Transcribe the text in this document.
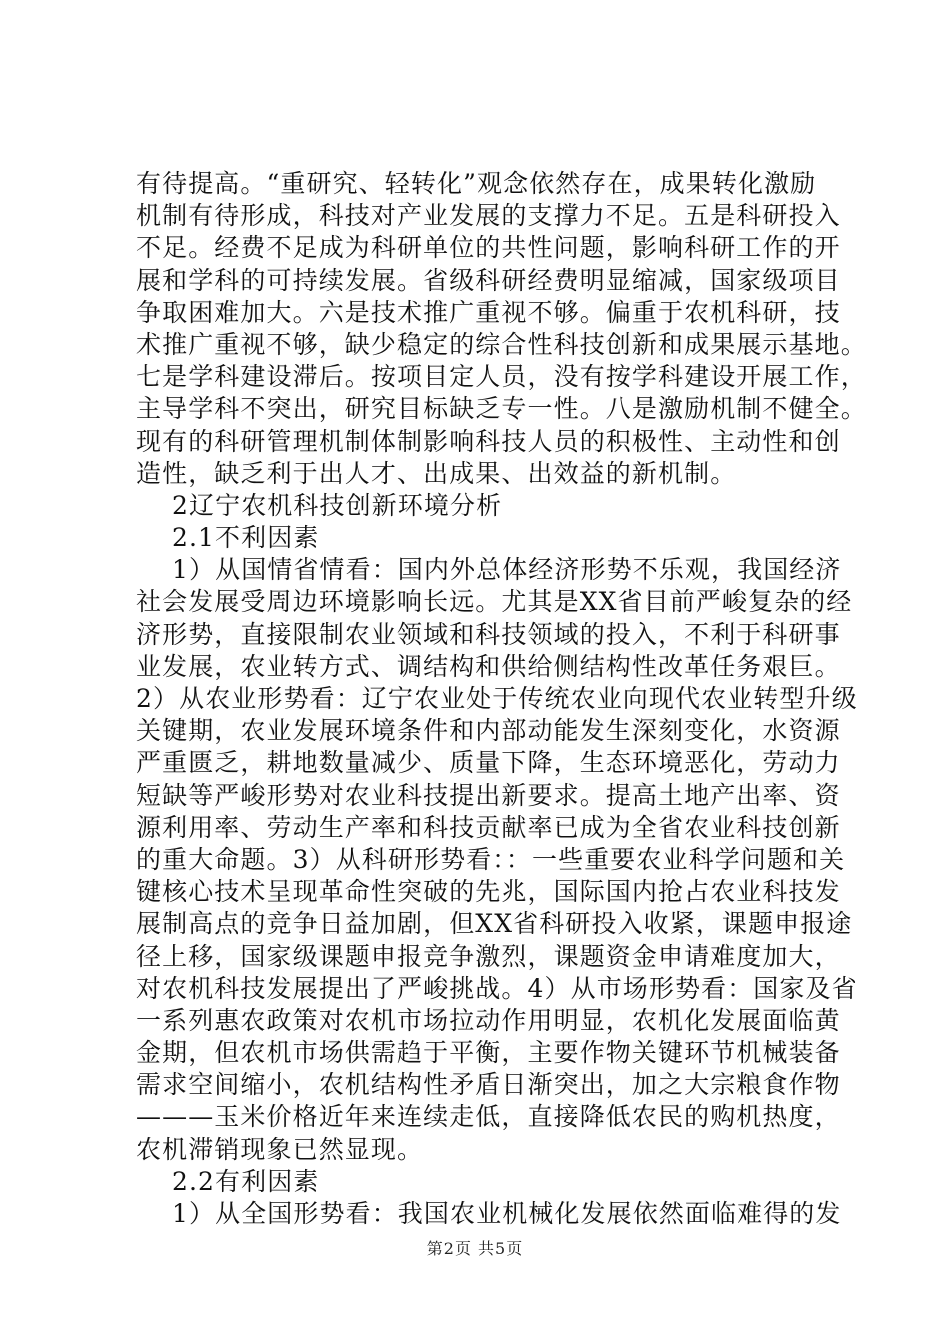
有待提高。“重研究、轻转化”观念依然存在，成果转化激励
机制有待形成，科技对产业发展的支撑力不足。五是科研投入
不足。经费不足成为科研单位的共性问题，影响科研工作的开
展和学科的可持续发展。省级科研经费明显缩减，国家级项目
争取困难加大。六是技术推广重视不够。偏重于农机科研，技
术推广重视不够，缺少稳定的综合性科技创新和成果展示基地。
七是学科建设滞后。按项目定人员，没有按学科建设开展工作，
主导学科不突出，研究目标缺乏专一性。八是激励机制不健全。
现有的科研管理机制体制影响科技人员的积极性、主动性和创
造性，缺乏利于出人才、出成果、出效益的新机制。
2辽宁农机科技创新环境分析
2.1不利因素
1）从国情省情看：国内外总体经济形势不乐观，我国经济
社会发展受周边环境影响长远。尤其是XX省目前严峻复杂的经
济形势，直接限制农业领域和科技领域的投入，不利于科研事
业发展，农业转方式、调结构和供给侧结构性改革任务艰巨。
2）从农业形势看：辽宁农业处于传统农业向现代农业转型升级
关键期，农业发展环境条件和内部动能发生深刻变化，水资源
严重匮乏，耕地数量减少、质量下降，生态环境恶化，劳动力
短缺等严峻形势对农业科技提出新要求。提高土地产出率、资
源利用率、劳动生产率和科技贡献率已成为全省农业科技创新
的重大命题。3）从科研形势看：：一些重要农业科学问题和关
键核心技术呈现革命性突破的先兆，国际国内抢占农业科技发
展制高点的竞争日益加剧，但XX省科研投入收紧，课题申报途
径上移，国家级课题申报竞争激烈，课题资金申请难度加大，
对农机科技发展提出了严峻挑战。4）从市场形势看：国家及省
一系列惠农政策对农机市场拉动作用明显，农机化发展面临黄
金期，但农机市场供需趋于平衡，主要作物关键环节机械装备
需求空间缩小，农机结构性矛盾日渐突出，加之大宗粮食作物
———玉米价格近年来连续走低，直接降低农民的购机热度，
农机滞销现象已然显现。
2.2有利因素
1）从全国形势看：我国农业机械化发展依然面临难得的发
第2页 共5页
